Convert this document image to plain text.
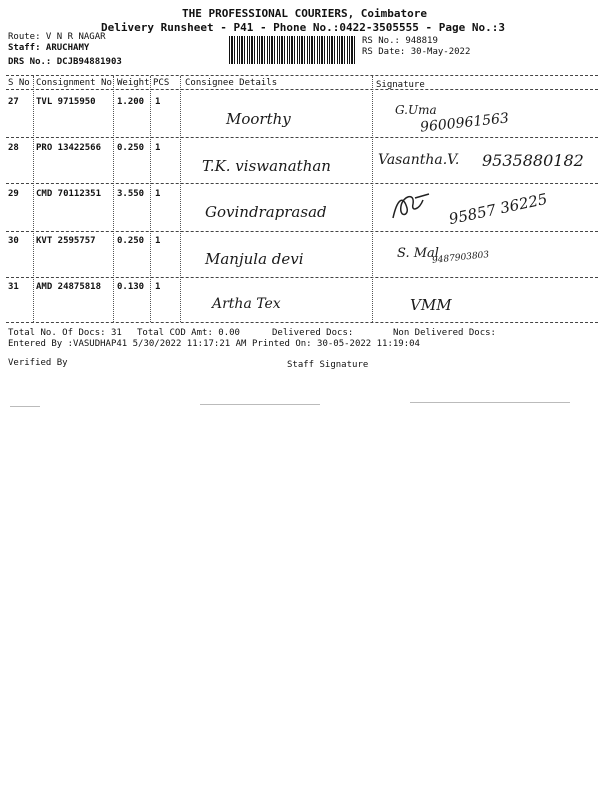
THE PROFESSIONAL COURIERS, Coimbatore
Delivery Runsheet - P41 - Phone No.:0422-3505555 - Page No.:3
Route: V N R NAGAR
Staff: ARUCHAMY
DRS No.: DCJB94881903
RS No.: 948819
RS Date: 30-May-2022
S No Consignment No Weight PCS Consignee Details	Signature
27 TVL 9715950 1.200 1
Moorthy	G.Uma
9600961563
28 PRO 13422566 0.250 1
T.K. viswanathan	Vasantha.V. 9535880182
29 CMD 70112351 3.550 1
Govindraprasad	95857 36225
30 KVT 2595757 0.250 1
Manjula devi	S. Mal
9487903803
31 AMD 24875818 0.130 1
Artha Tex	VMM
Total No. Of Docs: 31 Total COD Amt: 0.00	Delivered Docs:	Non Delivered Docs:
Entered By :VASUDHAP41 5/30/2022 11:17:21 AM Printed On: 30-05-2022 11:19:04
Verified By	Staff Signature
